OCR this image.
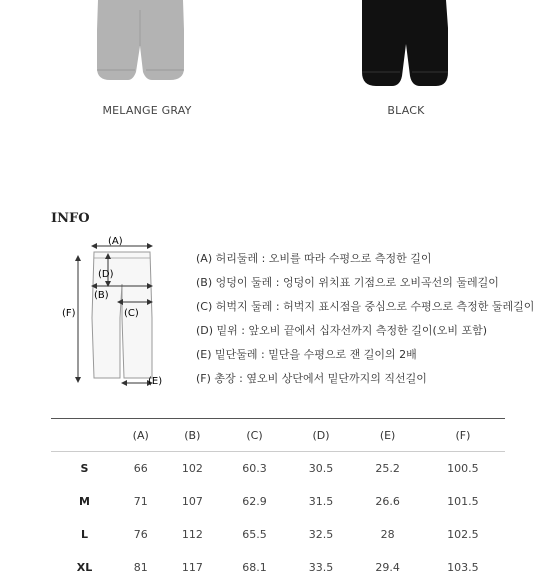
MELANGE GRAY	BLACK
INFO
(A)
(D)
(B)
(C)
(F)
(E)
(A) 허리둘레 : 오비를 따라 수평으로 측정한 길이
(B) 엉덩이 둘레 : 엉덩이 위치표 기점으로 오비곡선의 둘레길이
(C) 허벅지 둘레 : 허벅지 표시점을 중심으로 수평으로 측정한 둘레길이
(D) 밑위 : 앞오비 끝에서 십자선까지 측정한 길이(오비 포함)
(E) 밑단둘레 : 밑단을 수평으로 잰 길이의 2배
(F) 총장 : 옆오비 상단에서 밑단까지의 직선길이
	(A)	(B)	(C)	(D)	(E)	(F)
S	66	102	60.3	30.5	25.2	100.5
M	71	107	62.9	31.5	26.6	101.5
L	76	112	65.5	32.5	28	102.5
XL	81	117	68.1	33.5	29.4	103.5
